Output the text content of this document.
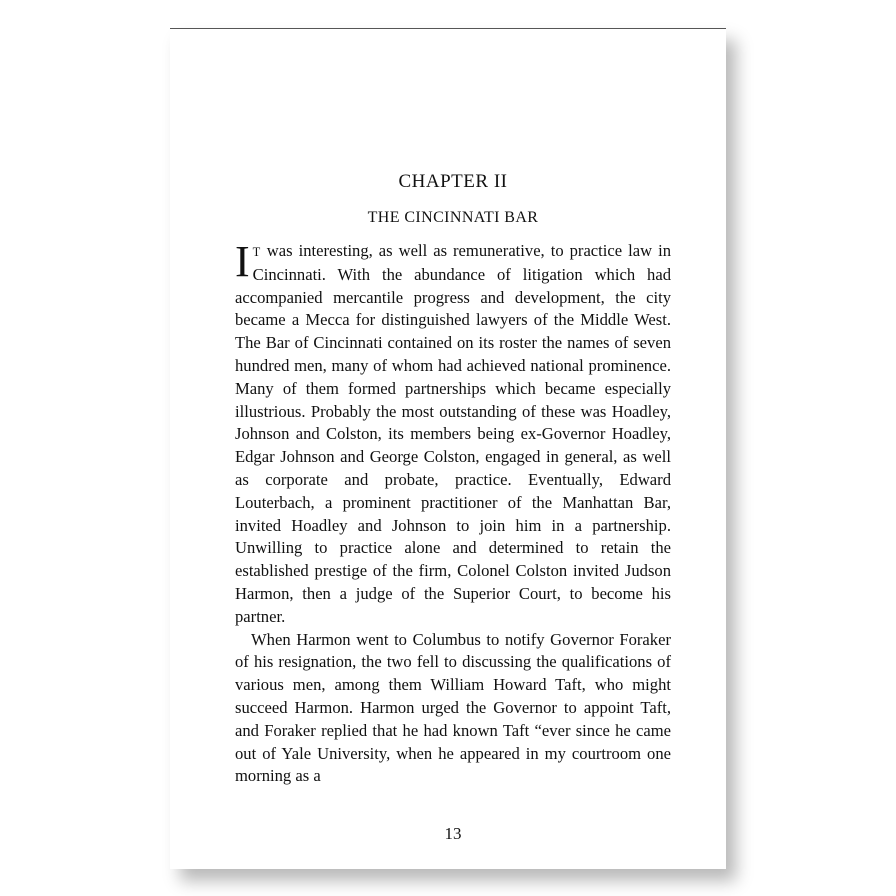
CHAPTER II
THE CINCINNATI BAR

I T was interesting, as well as remunerative, to practice law in Cincinnati. With the abundance of litigation which had accompanied mercantile progress and development, the city became a Mecca for distinguished lawyers of the Middle West. The Bar of Cincinnati contained on its roster the names of seven hundred men, many of whom had achieved national prominence. Many of them formed partnerships which became especially illustrious. Probably the most outstanding of these was Hoadley, Johnson and Colston, its members being ex-Governor Hoadley, Edgar Johnson and George Colston, engaged in general, as well as corporate and probate, practice. Eventually, Edward Louterbach, a prominent practitioner of the Manhattan Bar, invited Hoadley and Johnson to join him in a partnership. Unwilling to practice alone and determined to retain the established prestige of the firm, Colonel Colston invited Judson Harmon, then a judge of the Superior Court, to become his partner.

When Harmon went to Columbus to notify Governor Foraker of his resignation, the two fell to discussing the qualifications of various men, among them William Howard Taft, who might succeed Harmon. Harmon urged the Governor to appoint Taft, and Foraker replied that he had known Taft “ever since he came out of Yale University, when he appeared in my courtroom one morning as a

13
